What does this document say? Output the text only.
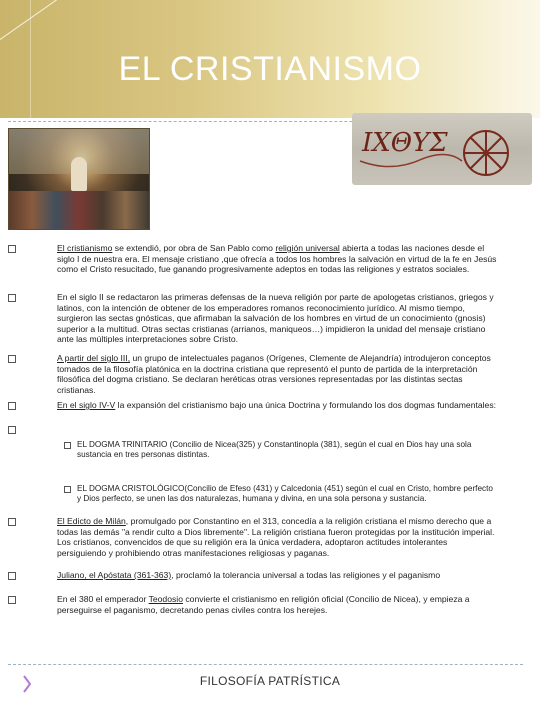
EL CRISTIANISMO
IXΘYΣ
El cristianismo se extendió, por obra de San Pablo como religión universal abierta a todas las naciones desde el siglo I de nuestra era. El mensaje cristiano ,que ofrecía a todos los hombres la salvación en virtud de la fe en Jesús como el Cristo resucitado, fue ganando progresivamente adeptos en todas las religiones y estratos sociales.
En el siglo II se redactaron las primeras defensas de la nueva religión por parte de apologetas cristianos, griegos y latinos, con la intención de obtener de los emperadores romanos reconocimiento jurídico. Al mismo tiempo, surgieron las sectas gnósticas, que afirmaban la salvación de los hombres en virtud de un conocimiento (gnosis) superior a la multitud. Otras sectas cristianas (arrianos, maniqueos…) impidieron la unidad del mensaje cristiano ante las múltiples interpretaciones sobre Cristo.
A partir del siglo III, un grupo de intelectuales paganos (Orígenes, Clemente de Alejandría) introdujeron conceptos tomados de la filosofía platónica en la doctrina cristiana que representó el punto de partida de la interpretación filosófica del dogma cristiano. Se declaran heréticas otras versiones representadas por las distintas sectas cristianas.
En el siglo IV-V la expansión del cristianismo bajo una única Doctrina y formulando los dos dogmas fundamentales:
EL DOGMA TRINITARIO (Concilio de Nicea(325) y Constantinopla (381), según el cual en Dios hay una sola sustancia en tres personas distintas.
EL DOGMA CRISTOLÓGICO(Concilio de Efeso (431) y Calcedonia (451) según el cual en Cristo, hombre perfecto y Dios perfecto, se unen las dos naturalezas, humana y divina, en una sola persona y sustancia.
El Edicto de Milán, promulgado por Constantino en el 313, concedía a la religión cristiana el mismo derecho que a todas las demás "a rendir culto a Dios libremente". La religión cristiana fueron protegidas por la institución imperial. Los cristianos, convencidos de que su religión era la única verdadera, adoptaron actitudes intolerantes persiguiendo y prohibiendo otras manifestaciones religiosas y paganas.
Juliano, el Apóstata (361-363), proclamó la tolerancia universal a todas las religiones y el paganismo
En el 380 el emperador Teodosio convierte el cristianismo en religión oficial (Concilio de Nicea), y empieza a perseguirse el paganismo, decretando penas civiles contra los herejes.
FILOSOFÍA PATRÍSTICA
